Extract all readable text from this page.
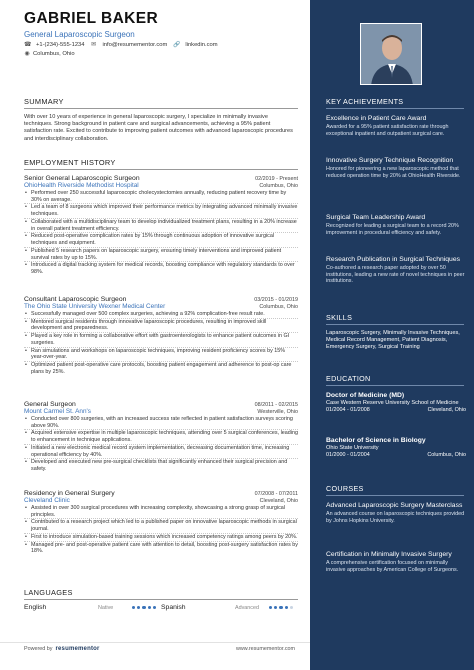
GABRIEL BAKER
General Laparoscopic Surgeon
☎ +1-(234)-555-1234 ✉ info@resumementor.com 🔗 linkedin.com
◉ Columbus, Ohio
SUMMARY
With over 10 years of experience in general laparoscopic surgery, I specialize in minimally invasive techniques. Strong background in patient care and surgical advancements, achieving a 95% patient satisfaction rate. Excited to contribute to improving patient outcomes with advanced laparoscopic procedures and interdisciplinary collaboration.
EMPLOYMENT HISTORY
Senior General Laparoscopic Surgeon	02/2019 - Present
OhioHealth Riverside Methodist Hospital	Columbus, Ohio
• Performed over 250 successful laparoscopic cholecystectomies annually, reducing patient recovery time by 30% on average.
• Led a team of 8 surgeons which improved their performance metrics by integrating advanced minimally invasive techniques.
• Collaborated with a multidisciplinary team to develop individualized treatment plans, resulting in a 20% increase in overall patient treatment efficiency.
• Reduced post-operative complication rates by 15% through continuous adoption of innovative surgical techniques and equipment.
• Published 5 research papers on laparoscopic surgery, ensuring timely interventions and improved patient survival rates by up to 15%.
• Introduced a digital tracking system for medical records, boosting compliance with regulatory standards to over 98%.
Consultant Laparoscopic Surgeon	03/2015 - 01/2019
The Ohio State University Wexner Medical Center	Columbus, Ohio
• Successfully managed over 500 complex surgeries, achieving a 92% complication-free result rate.
• Mentored surgical residents through innovative laparoscopic procedures, resulting in improved skill development and preparedness.
• Played a key role in forming a collaborative effort with gastroenterologists to enhance patient outcomes in GI surgeries.
• Ran simulations and workshops on laparoscopic techniques, improving resident proficiency scores by 15% year-over-year.
• Optimized patient post-operative care protocols, boosting patient engagement and adherence to post-op care plans by 25%.
General Surgeon	08/2011 - 02/2015
Mount Carmel St. Ann's	Westerville, Ohio
• Conducted over 800 surgeries, with an increased success rate reflected in patient satisfaction surveys scoring above 90%.
• Acquired extensive expertise in multiple laparoscopic techniques, attending over 5 surgical conferences, leading to enhancement in technique applications.
• Initiated a new electronic medical record system implementation, decreasing documentation time, increasing operational efficiency by 40%.
• Developed and executed new pre-surgical checklists that significantly enhanced their surgical precision and safety.
Residency in General Surgery	07/2008 - 07/2011
Cleveland Clinic	Cleveland, Ohio
• Assisted in over 300 surgical procedures with increasing complexity, showcasing a strong grasp of surgical principles.
• Contributed to a research project which led to a published paper on innovative laparoscopic methods in surgical journal.
• First to introduce simulation-based training sessions which increased competency ratings among peers by 20%.
• Managed pre- and post-operative patient care with attention to detail, boosting post-surgery satisfaction rates by 18%.
LANGUAGES
English	Native	Spanish	Advanced
Powered by resumementor	www.resumementor.com
KEY ACHIEVEMENTS
Excellence in Patient Care Award
Awarded for a 95% patient satisfaction rate through exceptional inpatient and outpatient surgical care.
Innovative Surgery Technique Recognition
Honored for pioneering a new laparoscopic method that reduced operation time by 20% at OhioHealth Riverside.
Surgical Team Leadership Award
Recognized for leading a surgical team to a record 20% improvement in procedural efficiency and safety.
Research Publication in Surgical Techniques
Co-authored a research paper adopted by over 50 institutions, leading a new rate of novel techniques in peer institutions.
SKILLS
Laparoscopic Surgery, Minimally Invasive Techniques, Medical Record Management, Patient Diagnosis, Emergency Surgery, Surgical Training
EDUCATION
Doctor of Medicine (MD)
Case Western Reserve University School of Medicine
01/2004 - 01/2008	Cleveland, Ohio
Bachelor of Science in Biology
Ohio State University
01/2000 - 01/2004	Columbus, Ohio
COURSES
Advanced Laparoscopic Surgery Masterclass
An advanced course on laparoscopic techniques provided by Johns Hopkins University.
Certification in Minimally Invasive Surgery
A comprehensive certification focused on minimally invasive approaches by American College of Surgeons.
